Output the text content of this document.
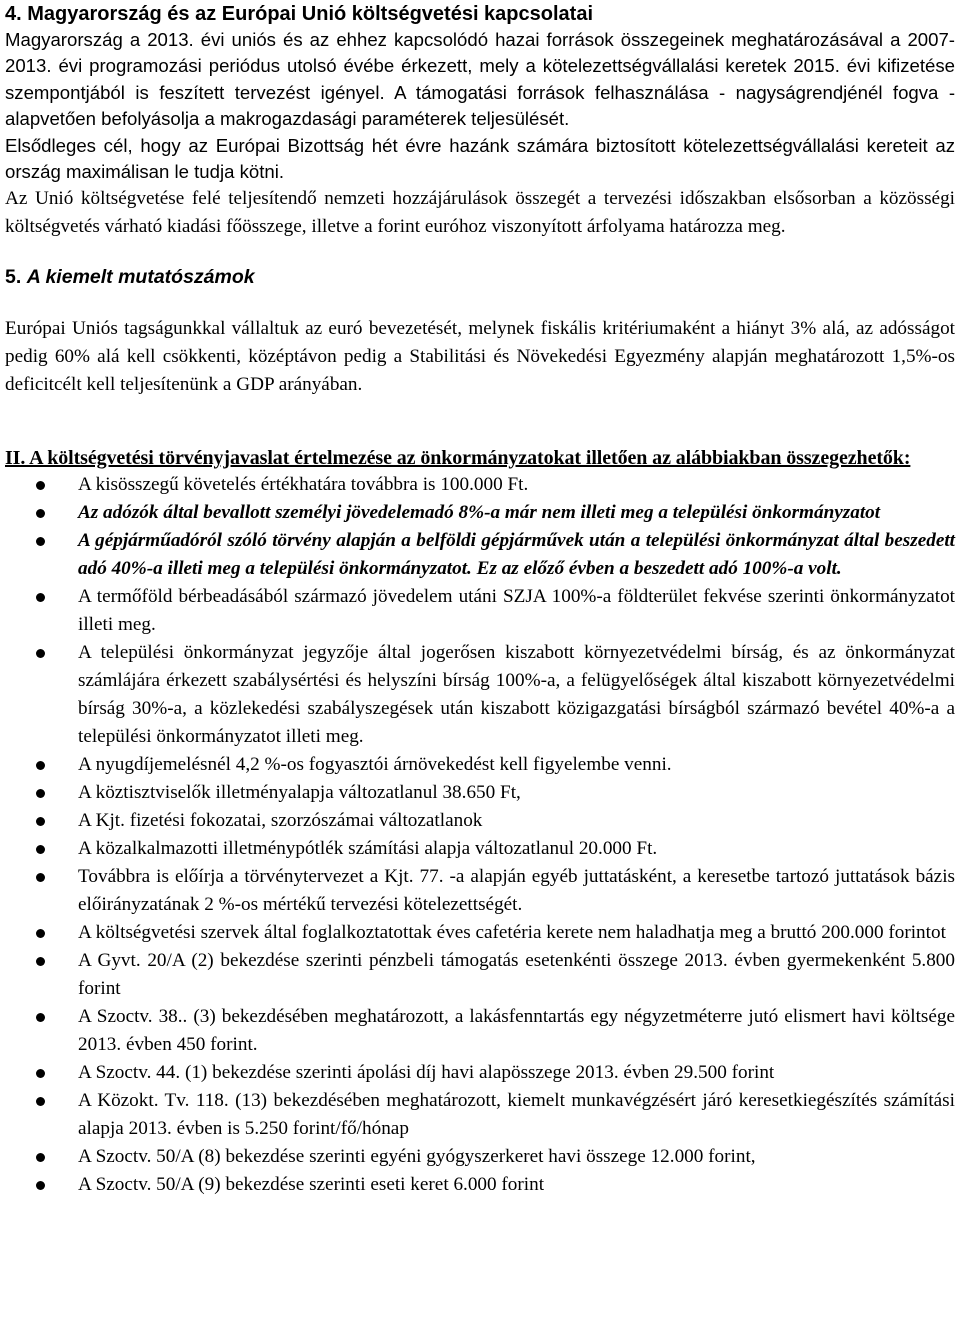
4. Magyarország és az Európai Unió költségvetési kapcsolatai

Magyarország a 2013. évi uniós és az ehhez kapcsolódó hazai források összegeinek meghatározásával a 2007-2013. évi programozási periódus utolsó évébe érkezett, mely a kötelezettségvállalási keretek 2015. évi kifizetése szempontjából is feszített tervezést igényel. A támogatási források felhasználása - nagyságrendjénél fogva - alapvetően befolyásolja a makrogazdasági paraméterek teljesülését.

Elsődleges cél, hogy az Európai Bizottság hét évre hazánk számára biztosított kötelezettségvállalási kereteit az ország maximálisan le tudja kötni.

Az Unió költségvetése felé teljesítendő nemzeti hozzájárulások összegét a tervezési időszakban elsősorban a közösségi költségvetés várható kiadási főösszege, illetve a forint euróhoz viszonyított árfolyama határozza meg.

5. A kiemelt mutatószámok

Európai Uniós tagságunkkal vállaltuk az euró bevezetését, melynek fiskális kritériumaként a hiányt 3% alá, az adósságot pedig 60% alá kell csökkenti, középtávon pedig a Stabilitási és Növekedési Egyezmény alapján meghatározott 1,5%-os deficitcélt kell teljesítenünk a GDP arányában.

II. A költségvetési törvényjavaslat értelmezése az önkormányzatokat illetően az alábbiakban összegezhetők:

A kisösszegű követelés értékhatára továbbra is 100.000 Ft.
Az adózók által bevallott személyi jövedelemadó 8%-a már nem illeti meg a települési önkormányzatot
A gépjárműadóról szóló törvény alapján a belföldi gépjárművek után a települési önkormányzat által beszedett adó 40%-a illeti meg a települési önkormányzatot. Ez az előző évben a beszedett adó 100%-a volt.
A termőföld bérbeadásából származó jövedelem utáni SZJA 100%-a földterület fekvése szerinti önkormányzatot illeti meg.
A települési önkormányzat jegyzője által jogerősen kiszabott környezetvédelmi bírság, és az önkormányzat számlájára érkezett szabálysértési és helyszíni bírság 100%-a, a felügyelőségek által kiszabott környezetvédelmi bírság 30%-a, a közlekedési szabályszegések után kiszabott közigazgatási bírságból származó bevétel 40%-a a települési önkormányzatot illeti meg.
A nyugdíjemelésnél 4,2 %-os fogyasztói árnövekedést kell figyelembe venni.
A köztisztviselők illetményalapja változatlanul 38.650 Ft,
A Kjt. fizetési fokozatai, szorzószámai változatlanok
A közalkalmazotti illetménypótlék számítási alapja változatlanul 20.000 Ft.
Továbbra is előírja a törvénytervezet a Kjt. 77. -a alapján egyéb juttatásként, a keresetbe tartozó juttatások bázis előirányzatának 2 %-os mértékű tervezési kötelezettségét.
A költségvetési szervek által foglalkoztatottak éves cafetéria kerete nem haladhatja meg a bruttó 200.000 forintot
A Gyvt. 20/A (2) bekezdése szerinti pénzbeli támogatás esetenkénti összege 2013. évben gyermekenként 5.800 forint
A Szoctv. 38.. (3) bekezdésében meghatározott, a lakásfenntartás egy négyzetméterre jutó elismert havi költsége 2013. évben 450 forint.
A Szoctv. 44. (1) bekezdése szerinti ápolási díj havi alapösszege 2013. évben 29.500 forint
A Közokt. Tv. 118. (13) bekezdésében meghatározott, kiemelt munkavégzésért járó keresetkiegészítés számítási alapja 2013. évben is 5.250 forint/fő/hónap
A Szoctv. 50/A (8) bekezdése szerinti egyéni gyógyszerkeret havi összege 12.000 forint,
A Szoctv. 50/A (9) bekezdése szerinti eseti keret 6.000 forint
